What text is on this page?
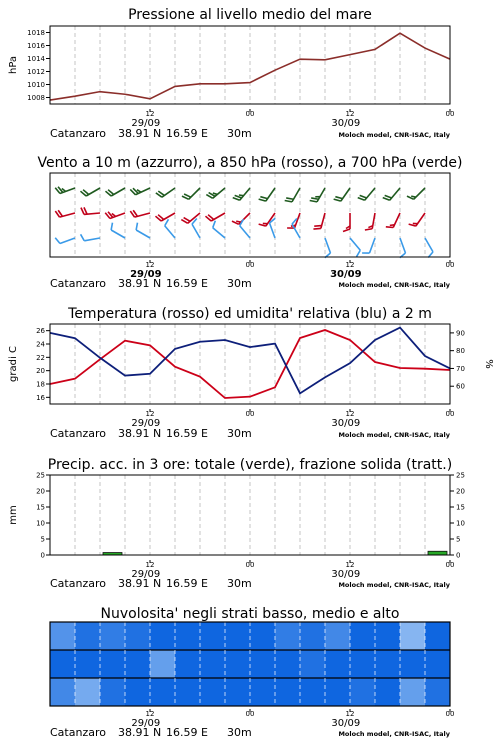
Pressione al livello medio del mare
1008
1010
1012
1014
1016
1018
hPa
12	00	12	00
29/09	30/09
Vento a 10 m (azzurro), a 850 hPa (rosso), a 700 hPa (verde)
12	00	12	00
29/09	30/09
Temperatura (rosso) ed umidita' relativa (blu) a 2 m
16
18
20
22
24
26
60
70
80
90
gradi C	%
12	00	12	00
29/09	30/09
Precip. acc. in 3 ore: totale (verde), frazione solida (tratt.)
0
5
10
15
20
25
0
5
10
15
20
25
mm
12	00	12	00
29/09	30/09
Nuvolosita' negli strati basso, medio e alto
12	00	12	00
29/09	30/09
Catanzaro 38.91 N 16.59 E 30m	Moloch model, CNR-ISAC, Italy
Catanzaro 38.91 N 16.59 E 30m	Moloch model, CNR-ISAC, Italy
Catanzaro 38.91 N 16.59 E 30m	Moloch model, CNR-ISAC, Italy
Catanzaro 38.91 N 16.59 E 30m	Moloch model, CNR-ISAC, Italy
Catanzaro 38.91 N 16.59 E 30m	Moloch model, CNR-ISAC, Italy
